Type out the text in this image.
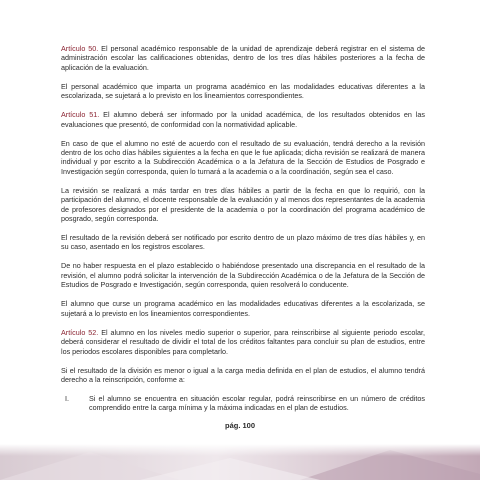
Artículo 50. El personal académico responsable de la unidad de aprendizaje deberá registrar en el sistema de administración escolar las calificaciones obtenidas, dentro de los tres días hábiles posteriores a la fecha de aplicación de la evaluación.

El personal académico que imparta un programa académico en las modalidades educativas diferentes a la escolarizada, se sujetará a lo previsto en los lineamientos correspondientes.

Artículo 51. El alumno deberá ser informado por la unidad académica, de los resultados obtenidos en las evaluaciones que presentó, de conformidad con la normatividad aplicable.

En caso de que el alumno no esté de acuerdo con el resultado de su evaluación, tendrá derecho a la revisión dentro de los ocho días hábiles siguientes a la fecha en que le fue aplicada; dicha revisión se realizará de manera individual y por escrito a la Subdirección Académica o a la Jefatura de la Sección de Estudios de Posgrado e Investigación según corresponda, quien lo turnará a la academia o a la coordinación, según sea el caso.

La revisión se realizará a más tardar en tres días hábiles a partir de la fecha en que lo requirió, con la participación del alumno, el docente responsable de la evaluación y al menos dos representantes de la academia de profesores designados por el presidente de la academia o por la coordinación del programa académico de posgrado, según corresponda.

El resultado de la revisión deberá ser notificado por escrito dentro de un plazo máximo de tres días hábiles y, en su caso, asentado en los registros escolares.

De no haber respuesta en el plazo establecido o habiéndose presentado una discrepancia en el resultado de la revisión, el alumno podrá solicitar la intervención de la Subdirección Académica o de la Jefatura de la Sección de Estudios de Posgrado e Investigación, según corresponda, quien resolverá lo conducente.

El alumno que curse un programa académico en las modalidades educativas diferentes a la escolarizada, se sujetará a lo previsto en los lineamientos correspondientes.

Artículo 52. El alumno en los niveles medio superior o superior, para reinscribirse al siguiente periodo escolar, deberá considerar el resultado de dividir el total de los créditos faltantes para concluir su plan de estudios, entre los periodos escolares disponibles para completarlo.

Si el resultado de la división es menor o igual a la carga media definida en el plan de estudios, el alumno tendrá derecho a la reinscripción, conforme a:

I.	Si el alumno se encuentra en situación escolar regular, podrá reinscribirse en un número de créditos comprendido entre la carga mínima y la máxima indicadas en el plan de estudios.
pág. 100
